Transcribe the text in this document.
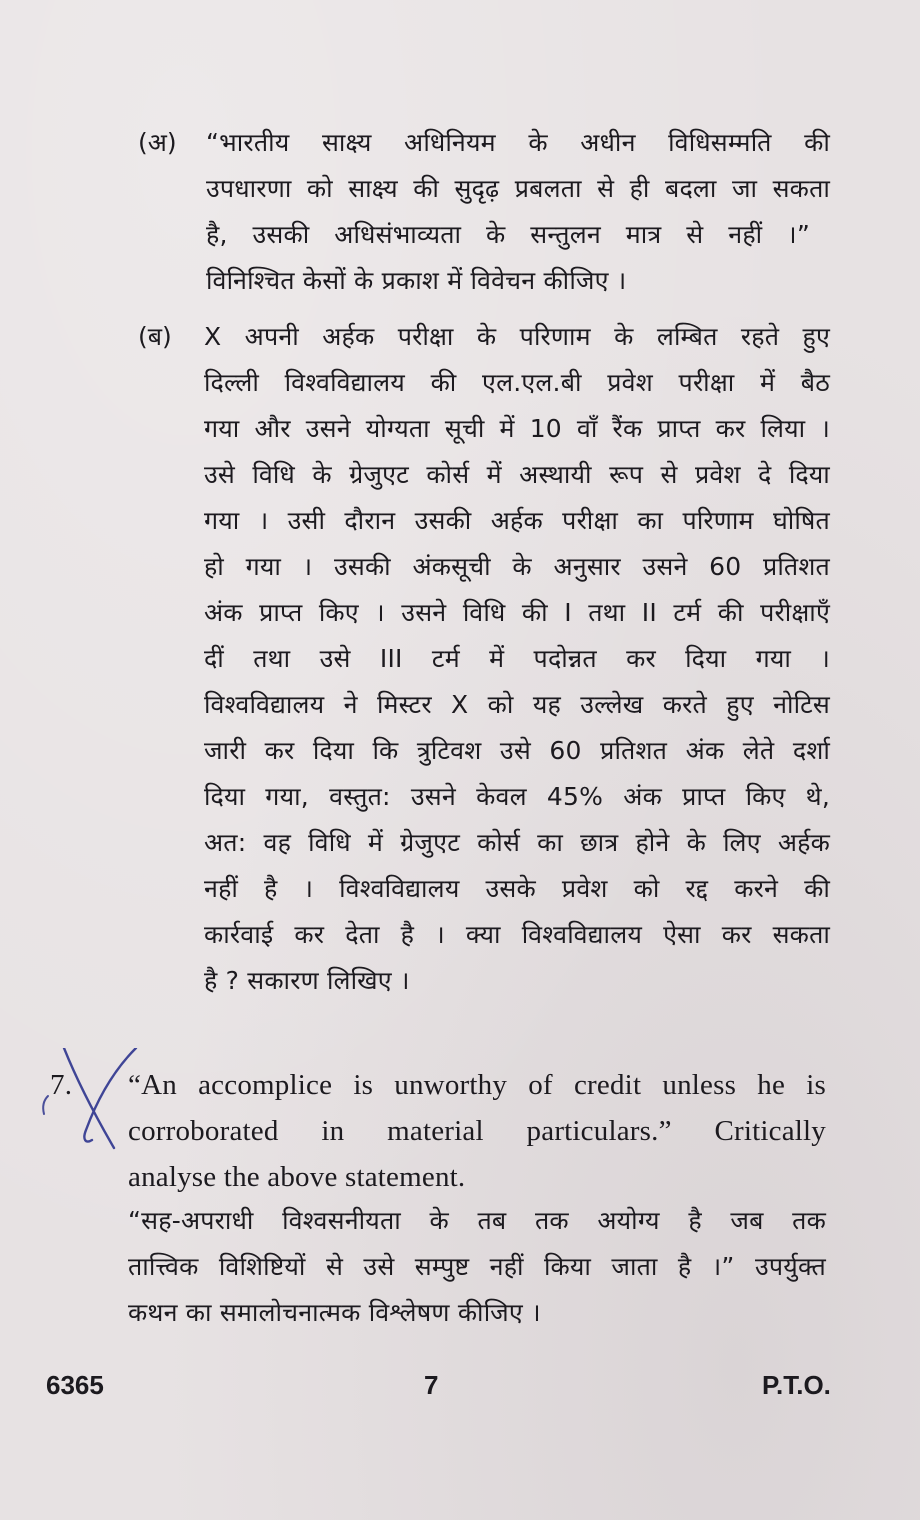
(अ) “भारतीय साक्ष्य अधिनियम के अधीन विधिसम्मति की
उपधारणा को साक्ष्य की सुदृढ़ प्रबलता से ही बदला जा सकता
है, उसकी अधिसंभाव्यता के सन्तुलन मात्र से नहीं ।”
विनिश्चित केसों के प्रकाश में विवेचन कीजिए ।
(ब) X अपनी अर्हक परीक्षा के परिणाम के लम्बित रहते हुए
दिल्ली विश्वविद्यालय की एल.एल.बी प्रवेश परीक्षा में बैठ
गया और उसने योग्यता सूची में 10 वाँ रैंक प्राप्त कर लिया ।
उसे विधि के ग्रेजुएट कोर्स में अस्थायी रूप से प्रवेश दे दिया
गया । उसी दौरान उसकी अर्हक परीक्षा का परिणाम घोषित
हो गया । उसकी अंकसूची के अनुसार उसने 60 प्रतिशत
अंक प्राप्त किए । उसने विधि की I तथा II टर्म की परीक्षाएँ
दीं तथा उसे III टर्म में पदोन्नत कर दिया गया ।
विश्वविद्यालय ने मिस्टर X को यह उल्लेख करते हुए नोटिस
जारी कर दिया कि त्रुटिवश उसे 60 प्रतिशत अंक लेते दर्शा
दिया गया, वस्तुत: उसने केवल 45% अंक प्राप्त किए थे,
अत: वह विधि में ग्रेजुएट कोर्स का छात्र होने के लिए अर्हक
नहीं है । विश्वविद्यालय उसके प्रवेश को रद्द करने की
कार्रवाई कर देता है । क्या विश्वविद्यालय ऐसा कर सकता
है ? सकारण लिखिए ।
7. “An accomplice is unworthy of credit unless he is
corroborated in material particulars.” Critically
analyse the above statement.
“सह-अपराधी विश्वसनीयता के तब तक अयोग्य है जब तक
तात्त्विक विशिष्टियों से उसे सम्पुष्ट नहीं किया जाता है ।” उपर्युक्त
कथन का समालोचनात्मक विश्लेषण कीजिए ।
6365	7	P.T.O.
